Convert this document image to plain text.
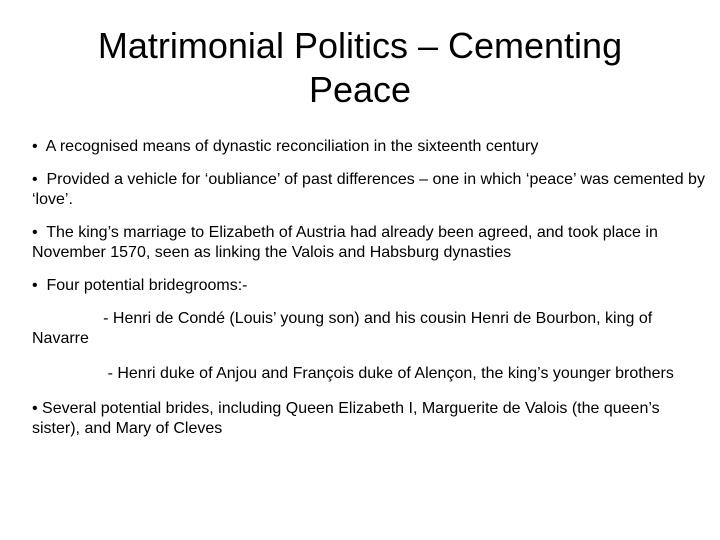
Matrimonial Politics – Cementing
Peace

•  A recognised means of dynastic reconciliation in the sixteenth century

•  Provided a vehicle for ‘oubliance’ of past differences – one in which ‘peace’ was cemented by ‘love’.

•  The king’s marriage to Elizabeth of Austria had already been agreed, and took place in November 1570, seen as linking the Valois and Habsburg dynasties

•  Four potential bridegrooms:-

- Henri de Condé (Louis’ young son) and his cousin Henri de Bourbon, king of Navarre

- Henri duke of Anjou and François duke of Alençon, the king’s younger brothers

• Several potential brides, including Queen Elizabeth I, Marguerite de Valois (the queen’s sister), and Mary of Cleves
